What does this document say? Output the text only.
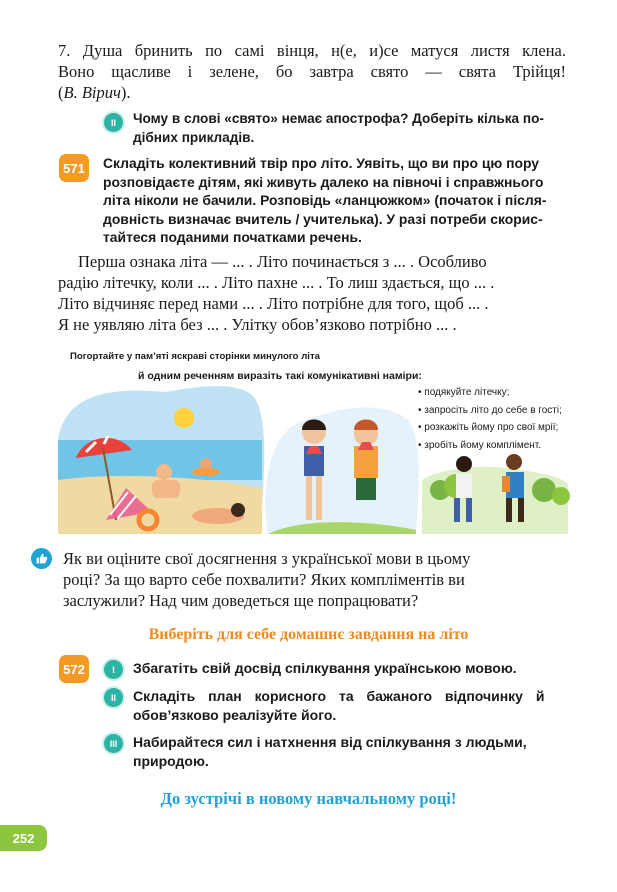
7. Душа бринить по самі вінця, н(е, и)се матуся листя клена.
Воно щасливе і зелене, бо завтра свято — свята Трійця!
(В. Вірич).
II	Чому в слові «свято» немає апострофа? Доберіть кілька по-
дібних прикладів.
571 Складіть колективний твір про літо. Уявіть, що ви про цю пору
розповідаєте дітям, які живуть далеко на півночі і справжнього
літа ніколи не бачили. Розповідь «ланцюжком» (початок і після-
довність визначає вчитель / учителька). У разі потреби скорис-
тайтеся поданими початками речень.
Перша ознака літа — ... . Літо починається з ... . Особливо
радію літечку, коли ... . Літо пахне ... . То лиш здається, що ... .
Літо відчиняє перед нами ... . Літо потрібне для того, щоб ... .
Я не уявляю літа без ... . Улітку обов’язково потрібно ... .
Погортайте у пам’яті яскраві сторінки минулого літа
й одним реченням виразіть такі комунікативні наміри:
• подякуйте літечку;
• запросіть літо до себе в гості;
• розкажіть йому про свої мрії;
• зробіть йому комплімент.
Як ви оціните свої досягнення з української мови в цьому
році? За що варто себе похвалити? Яких компліментів ви
заслужили? Над чим доведеться ще попрацювати?
Виберіть для себе домашнє завдання на літо
572	I	Збагатіть свій досвід спілкування українською мовою.
II	Складіть план корисного та бажаного відпочинку й
обов’язково реалізуйте його.
III	Набирайтеся сил і натхнення від спілкування з людьми,
природою.
До зустрічі в новому навчальному році!
252
